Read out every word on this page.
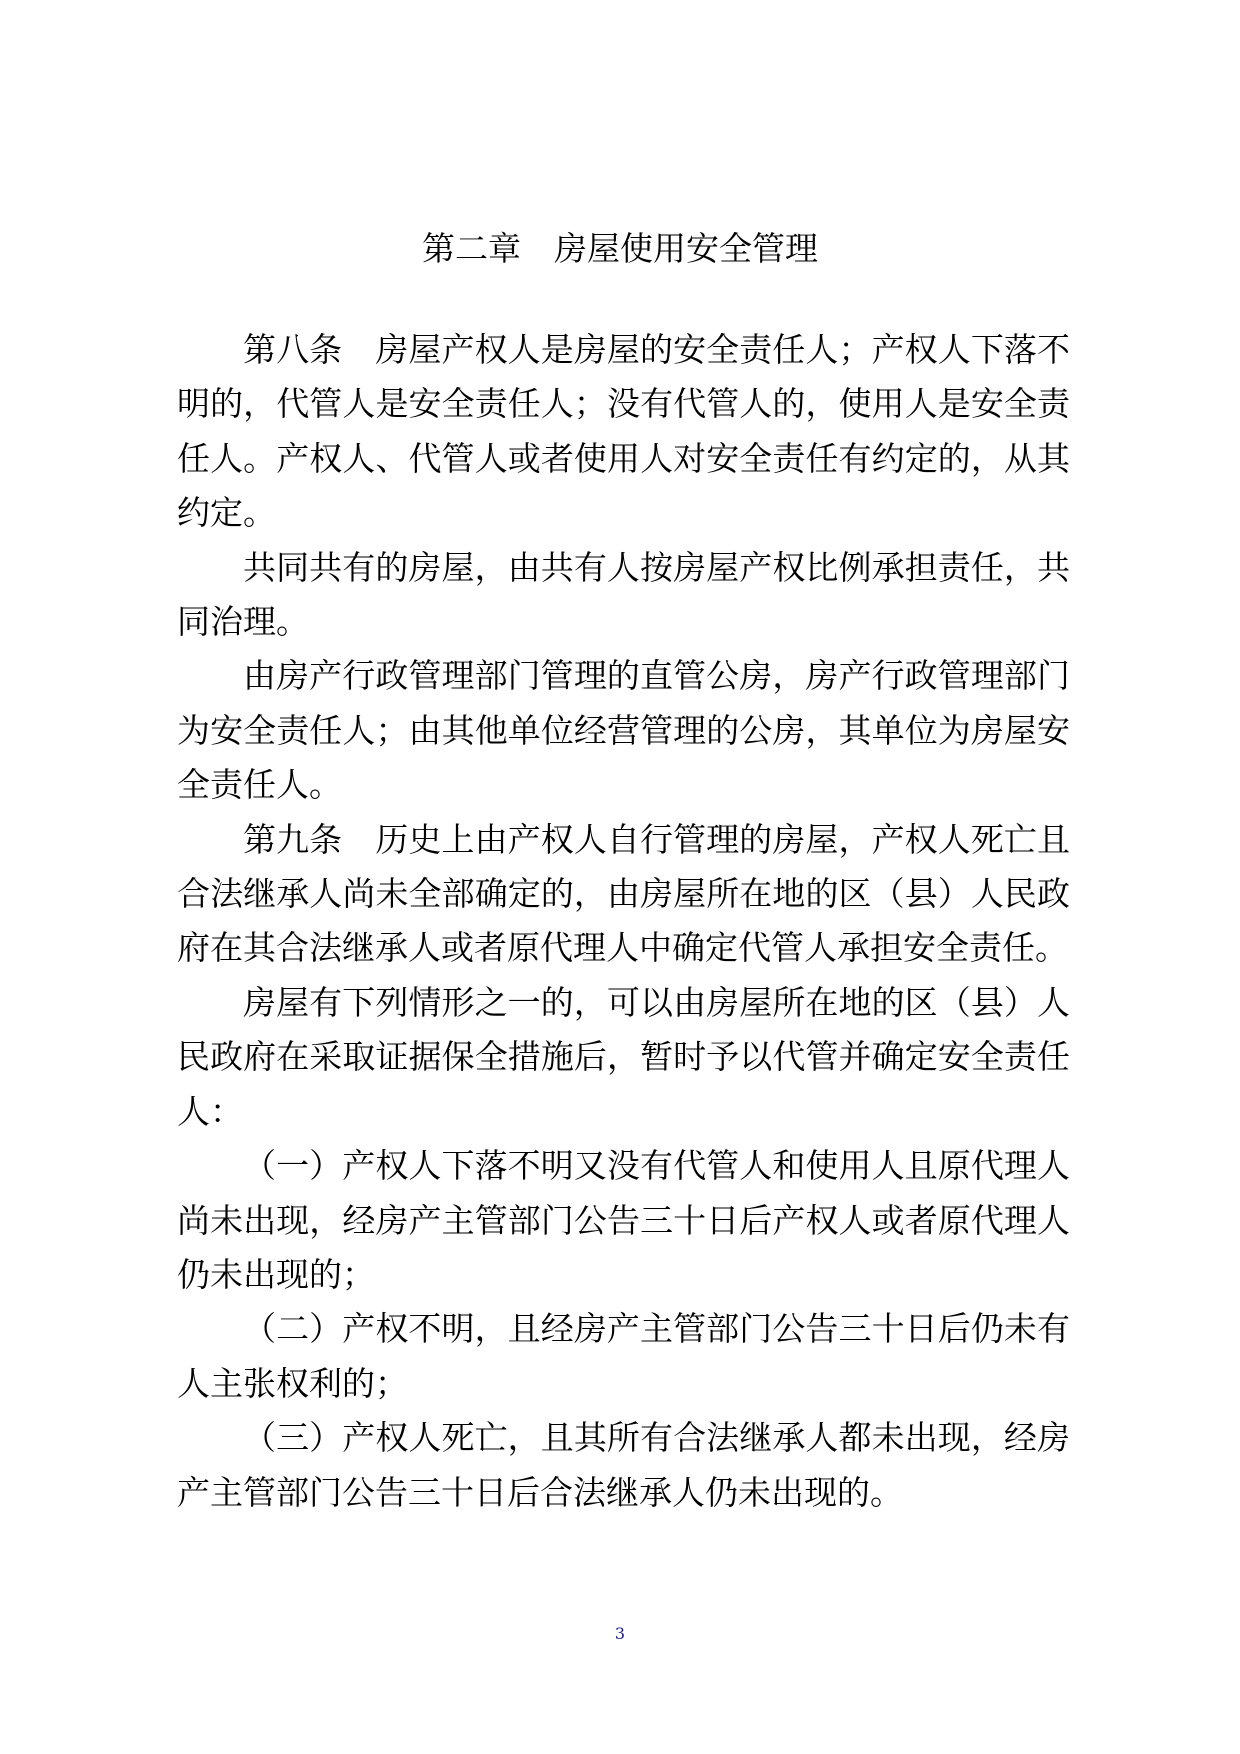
第二章　房屋使用安全管理

第八条　房屋产权人是房屋的安全责任人；产权人下落不明的，代管人是安全责任人；没有代管人的，使用人是安全责任人。产权人、代管人或者使用人对安全责任有约定的，从其约定。

共同共有的房屋，由共有人按房屋产权比例承担责任，共同治理。

由房产行政管理部门管理的直管公房，房产行政管理部门为安全责任人；由其他单位经营管理的公房，其单位为房屋安全责任人。

第九条　历史上由产权人自行管理的房屋，产权人死亡且合法继承人尚未全部确定的，由房屋所在地的区（县）人民政府在其合法继承人或者原代理人中确定代管人承担安全责任。

房屋有下列情形之一的，可以由房屋所在地的区（县）人民政府在采取证据保全措施后，暂时予以代管并确定安全责任人：

（一）产权人下落不明又没有代管人和使用人且原代理人尚未出现，经房产主管部门公告三十日后产权人或者原代理人仍未出现的；

（二）产权不明，且经房产主管部门公告三十日后仍未有人主张权利的；

（三）产权人死亡，且其所有合法继承人都未出现，经房产主管部门公告三十日后合法继承人仍未出现的。

3
